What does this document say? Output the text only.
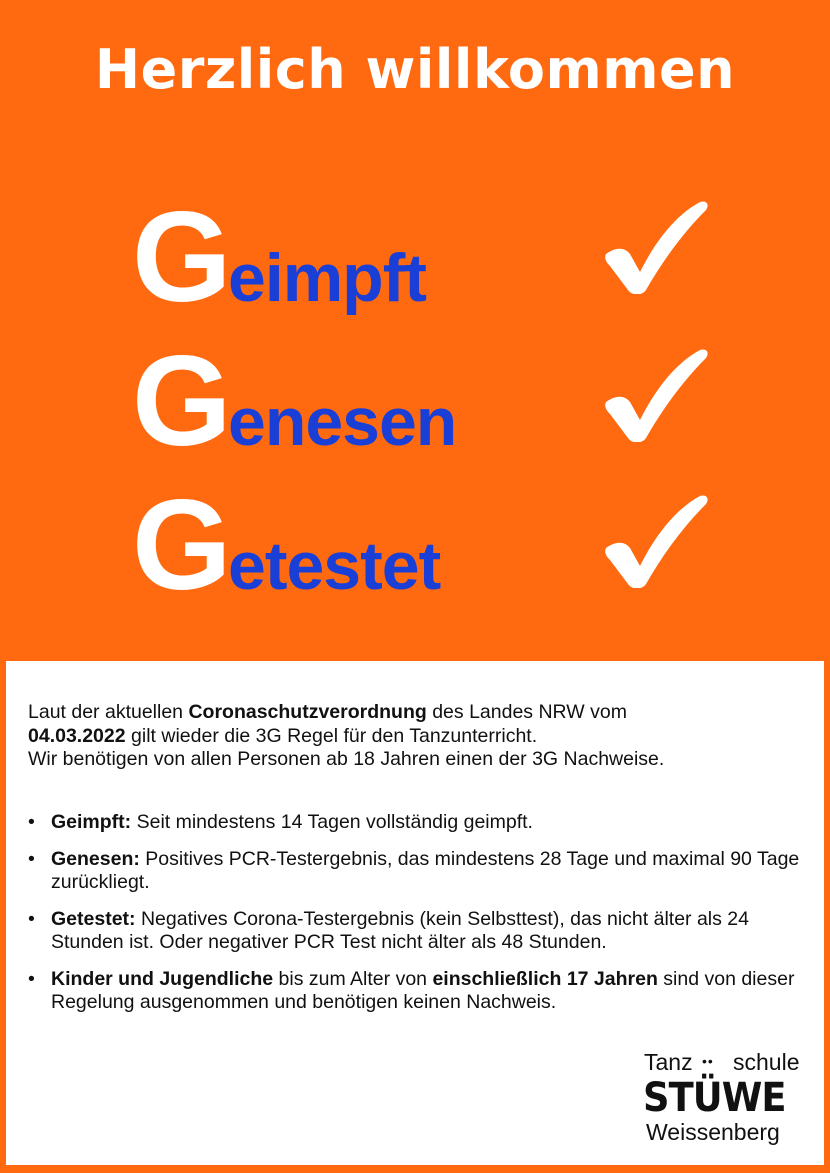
Herzlich willkommen
G
eimpft
G
enesen
G
etestet
Laut der aktuellen Coronaschutzverordnung des Landes NRW vom
04.03.2022 gilt wieder die 3G Regel für den Tanzunterricht.
Wir benötigen von allen Personen ab 18 Jahren einen der 3G Nachweise.
• Geimpft: Seit mindestens 14 Tagen vollständig geimpft.
• Genesen: Positives PCR-Testergebnis, das mindestens 28 Tage und maximal 90 Tage zurückliegt.
• Getestet: Negatives Corona-Testergebnis (kein Selbsttest), das nicht älter als 24 Stunden ist. Oder negativer PCR Test nicht älter als 48 Stunden.
• Kinder und Jugendliche bis zum Alter von einschließlich 17 Jahren sind von dieser Regelung ausgenommen und benötigen keinen Nachweis.
Tanz •• schule
STÜWE
Weissenberg
